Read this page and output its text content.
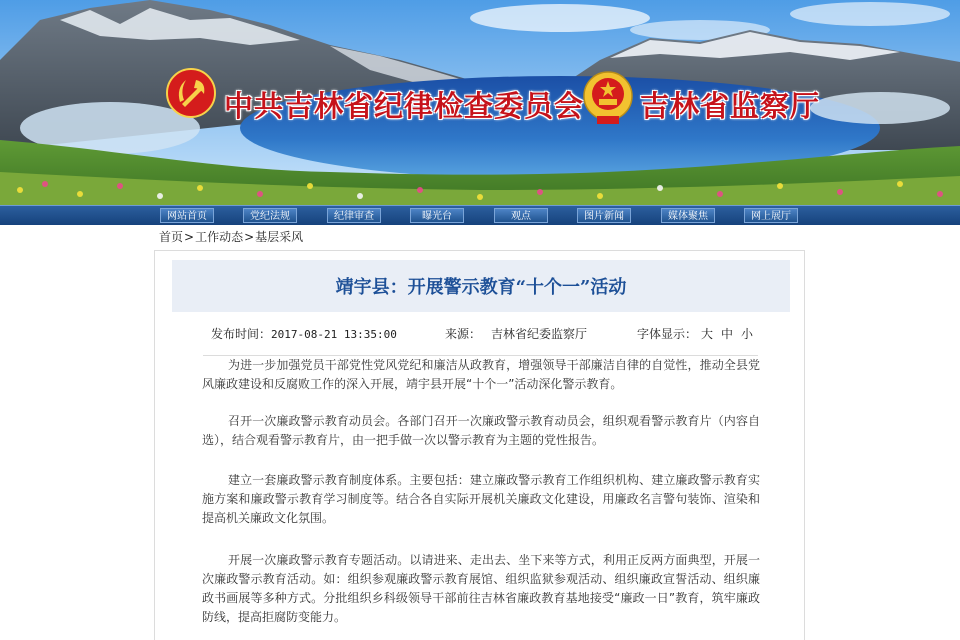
中共吉林省纪律检查委员会 吉林省监察厅
网站首页	党纪法规	纪律审查	曝光台	观点	图片新闻	媒体聚焦	网上展厅
首页>工作动态>基层采风
靖宇县：开展警示教育“十个一”活动
发布时间：2017-08-21 13:35:00	来源： 吉林省纪委监察厅	字体显示： 大 中 小

为进一步加强党员干部党性党风党纪和廉洁从政教育，增强领导干部廉洁自律的自觉性，推动全县党风廉政建设和反腐败工作的深入开展，靖宇县开展“十个一”活动深化警示教育。

召开一次廉政警示教育动员会。各部门召开一次廉政警示教育动员会，组织观看警示教育片（内容自选），结合观看警示教育片，由一把手做一次以警示教育为主题的党性报告。

建立一套廉政警示教育制度体系。主要包括：建立廉政警示教育工作组织机构、建立廉政警示教育实施方案和廉政警示教育学习制度等。结合各自实际开展机关廉政文化建设，用廉政名言警句装饰、渲染和提高机关廉政文化氛围。

开展一次廉政警示教育专题活动。以请进来、走出去、坐下来等方式，利用正反两方面典型，开展一次廉政警示教育活动。如：组织参观廉政警示教育展馆、组织监狱参观活动、组织廉政宣誓活动、组织廉政书画展等多种方式。分批组织乡科级领导干部前往吉林省廉政教育基地接受“廉政一日”教育，筑牢廉政防线，提高拒腐防变能力。
